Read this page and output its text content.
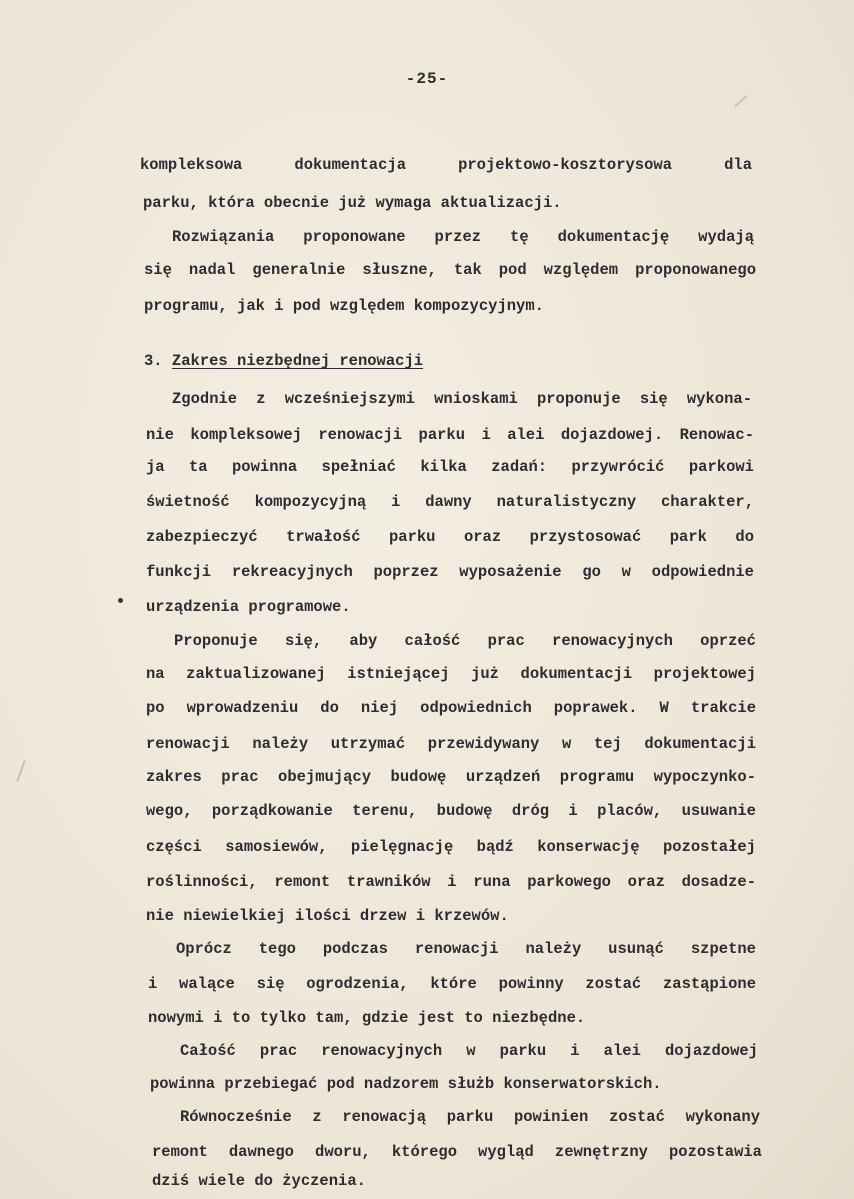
-25-
kompleksowa dokumentacja projektowo-kosztorysowa dla
parku, która obecnie już wymaga aktualizacji.
Rozwiązania proponowane przez tę dokumentację wydają
się nadal generalnie słuszne, tak pod względem proponowanego
programu, jak i pod względem kompozycyjnym.
3. Zakres niezbędnej renowacji
Zgodnie z wcześniejszymi wnioskami proponuje się wykona-
nie kompleksowej renowacji parku i alei dojazdowej. Renowac-
ja ta powinna spełniać kilka zadań: przywrócić parkowi
świetność kompozycyjną i dawny naturalistyczny charakter,
zabezpieczyć trwałość parku oraz przystosować park do
funkcji rekreacyjnych poprzez wyposażenie go w odpowiednie
urządzenia programowe.
Proponuje się, aby całość prac renowacyjnych oprzeć
na zaktualizowanej istniejącej już dokumentacji projektowej
po wprowadzeniu do niej odpowiednich poprawek. W trakcie
renowacji należy utrzymać przewidywany w tej dokumentacji
zakres prac obejmujący budowę urządzeń programu wypoczynko-
wego, porządkowanie terenu, budowę dróg i placów, usuwanie
części samosiewów, pielęgnację bądź konserwację pozostałej
roślinności, remont trawników i runa parkowego oraz dosadze-
nie niewielkiej ilości drzew i krzewów.
Oprócz tego podczas renowacji należy usunąć szpetne
i walące się ogrodzenia, które powinny zostać zastąpione
nowymi i to tylko tam, gdzie jest to niezbędne.
Całość prac renowacyjnych w parku i alei dojazdowej
powinna przebiegać pod nadzorem służb konserwatorskich.
Równocześnie z renowacją parku powinien zostać wykonany
remont dawnego dworu, którego wygląd zewnętrzny pozostawia
dziś wiele do życzenia.
